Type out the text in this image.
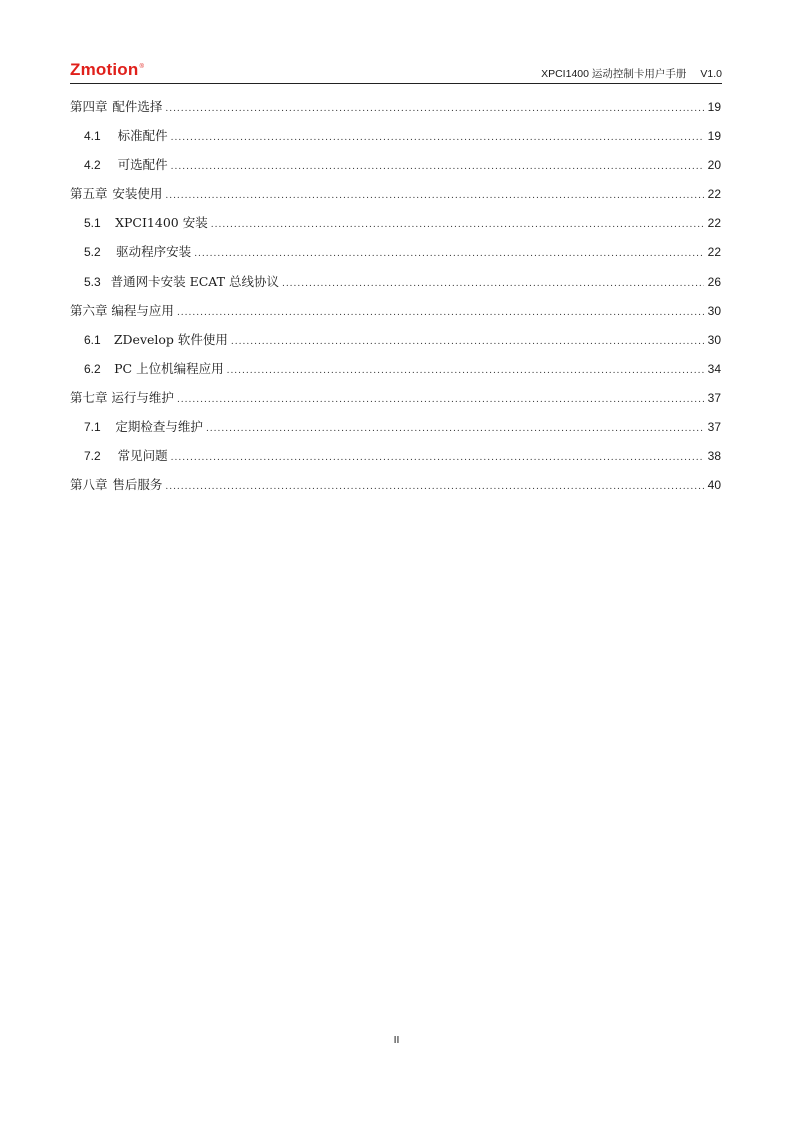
Zmotion®
XPCI1400 运动控制卡用户手册 V1.0
第四章 配件选择 .....	19
4.1	标准配件 .....	19
4.2	可选配件 .....	20
第五章 安装使用 .....	22
5.1	XPCI1400 安装 .....	22
5.2	驱动程序安装 .....	22
5.3 普通网卡安装 ECAT 总线协议 .....	26
第六章 编程与应用 .....	30
6.1	ZDevelop 软件使用 .....	30
6.2	PC 上位机编程应用 .....	34
第七章 运行与维护 .....	37
7.1	定期检查与维护 .....	37
7.2	常见问题 .....	38
第八章 售后服务 .....	40
II
